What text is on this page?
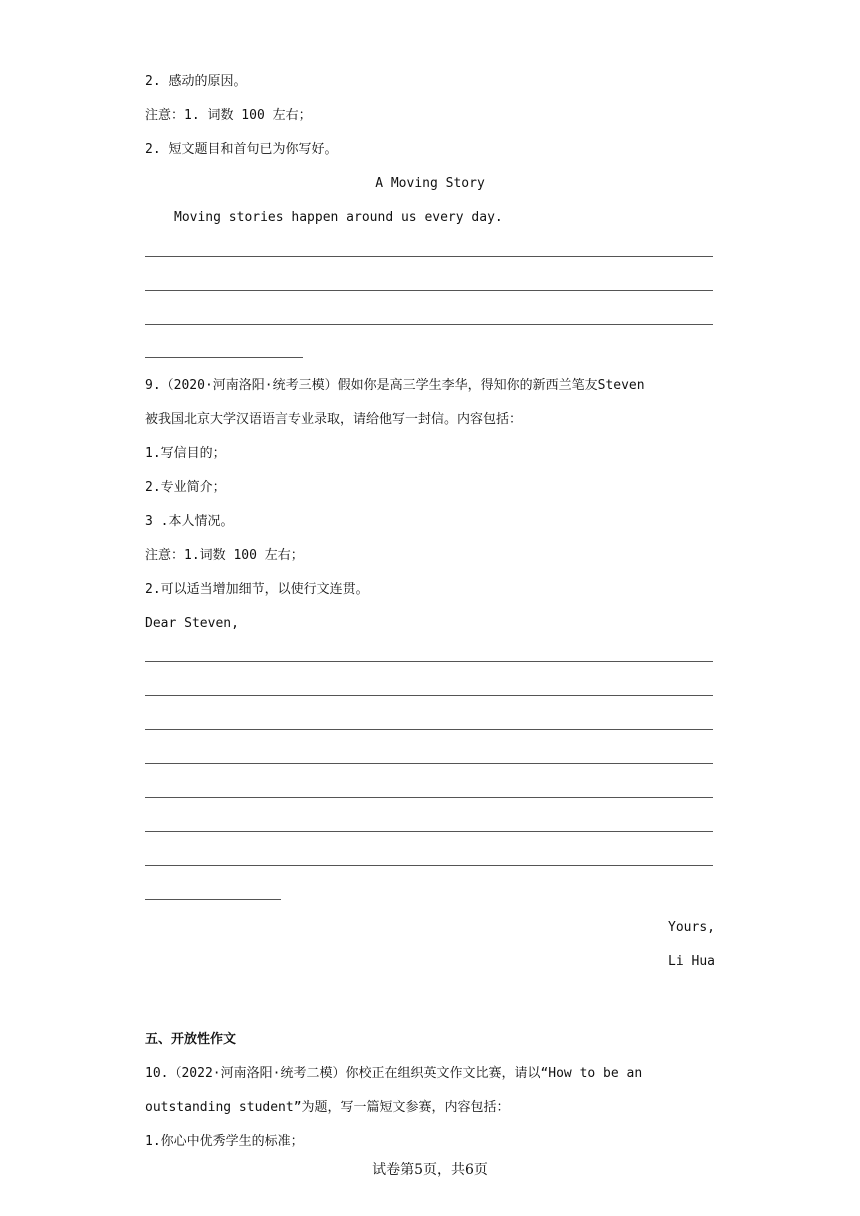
2. 感动的原因。
注意：1. 词数 100 左右；
2. 短文题目和首句已为你写好。
A Moving Story
Moving stories happen around us every day.
9.（2020·河南洛阳·统考三模）假如你是高三学生李华，得知你的新西兰笔友Steven
被我国北京大学汉语语言专业录取，请给他写一封信。内容包括：
1.写信目的；
2.专业简介；
3 .本人情况。
注意：1.词数 100 左右；
2.可以适当增加细节，以使行文连贯。
Dear Steven,
Yours,
Li Hua
五、开放性作文
10.（2022·河南洛阳·统考二模）你校正在组织英文作文比赛，请以“How to be an
outstanding student”为题，写一篇短文参赛，内容包括：
1.你心中优秀学生的标准；
试卷第5页，共6页
